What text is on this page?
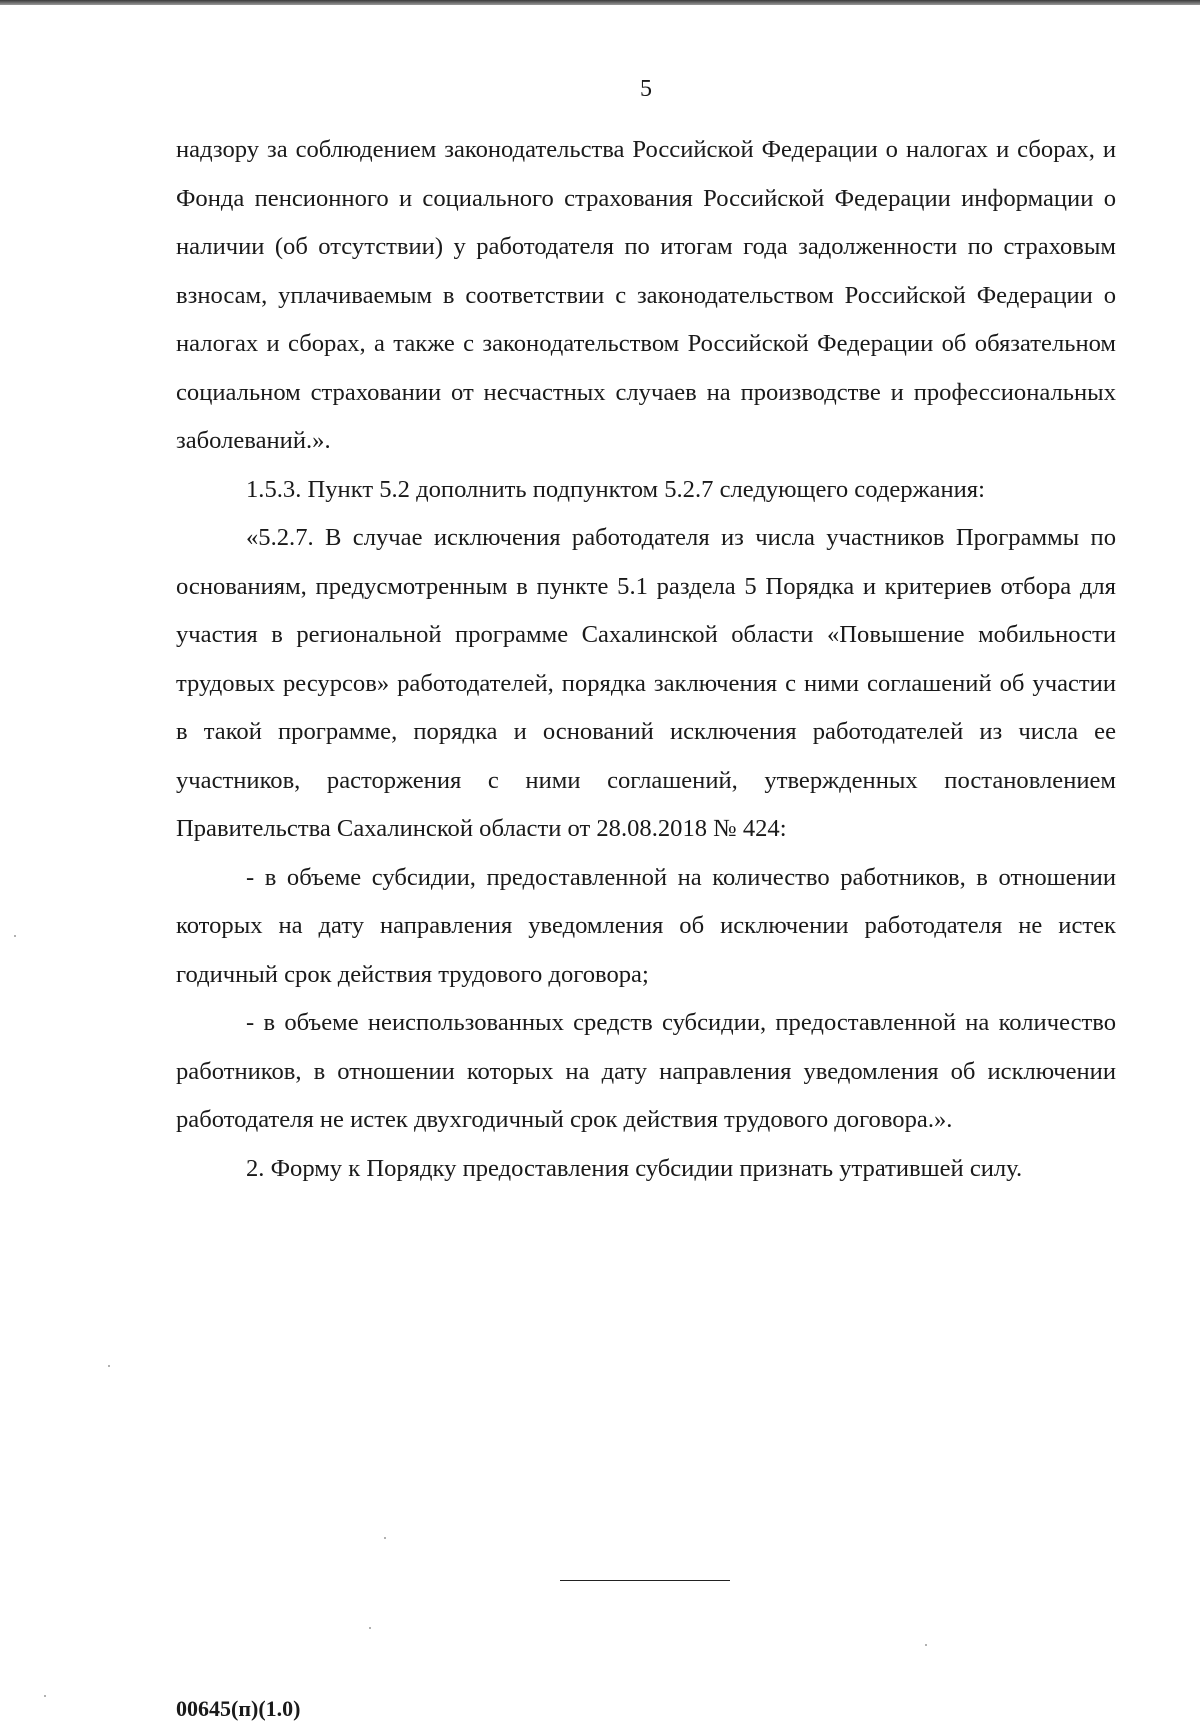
5

надзору за соблюдением законодательства Российской Федерации о налогах и сборах, и Фонда пенсионного и социального страхования Российской Федерации информации о наличии (об отсутствии) у работодателя по итогам года задолженности по страховым взносам, уплачиваемым в соответствии с законодательством Российской Федерации о налогах и сборах, а также с законодательством Российской Федерации об обязательном социальном страховании от несчастных случаев на производстве и профессиональных заболеваний.».

1.5.3. Пункт 5.2 дополнить подпунктом 5.2.7 следующего содержания:

«5.2.7. В случае исключения работодателя из числа участников Программы по основаниям, предусмотренным в пункте 5.1 раздела 5 Порядка и критериев отбора для участия в региональной программе Сахалинской области «Повышение мобильности трудовых ресурсов» работодателей, порядка заключения с ними соглашений об участии в такой программе, порядка и оснований исключения работодателей из числа ее участников, расторжения с ними соглашений, утвержденных постановлением Правительства Сахалинской области от 28.08.2018 № 424:

- в объеме субсидии, предоставленной на количество работников, в отношении которых на дату направления уведомления об исключении работодателя не истек годичный срок действия трудового договора;

- в объеме неиспользованных средств субсидии, предоставленной на количество работников, в отношении которых на дату направления уведомления об исключении работодателя не истек двухгодичный срок действия трудового договора.».

2. Форму к Порядку предоставления субсидии признать утратившей силу.

00645(п)(1.0)
